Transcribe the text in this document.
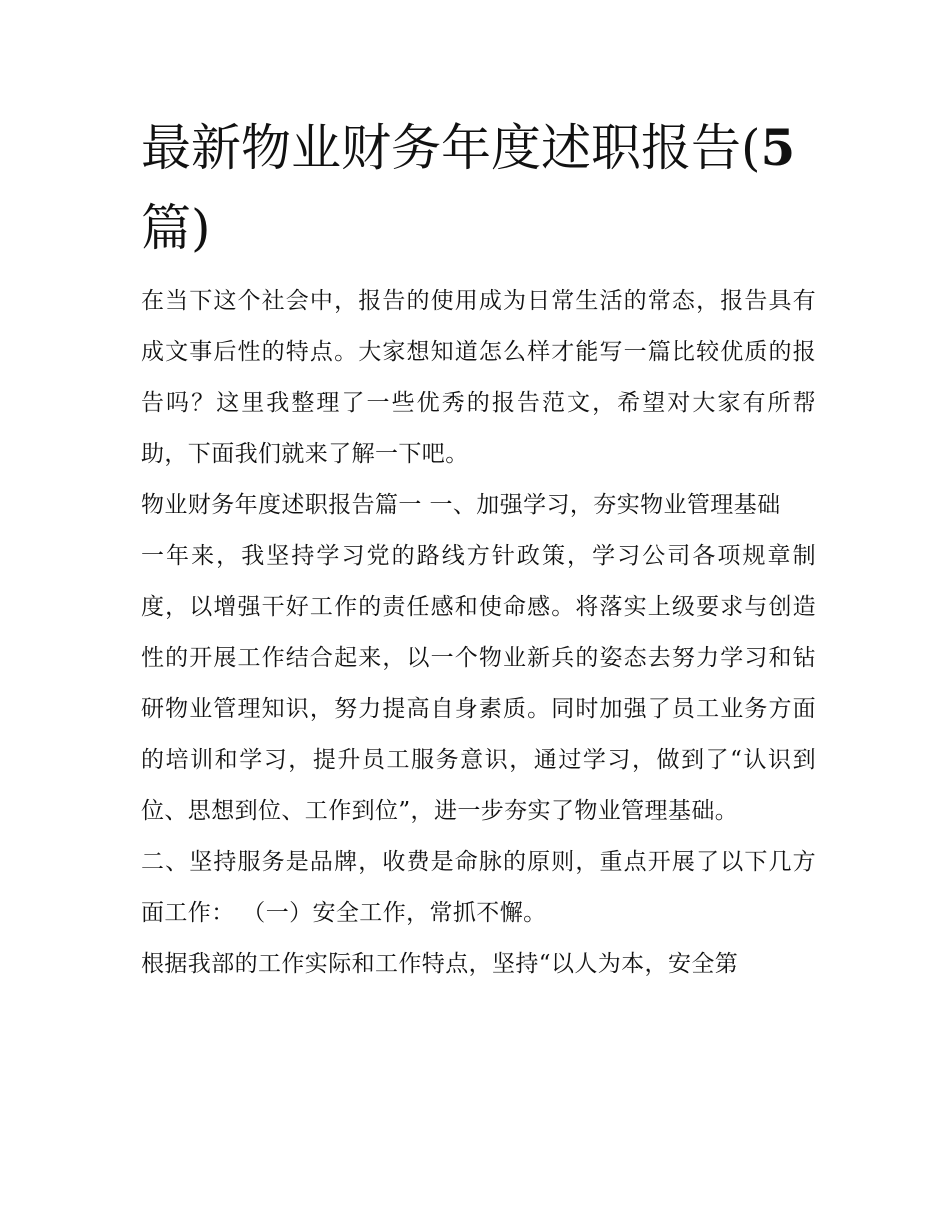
最新物业财务年度述职报告(5
篇)

在当下这个社会中，报告的使用成为日常生活的常态，报告具有成文事后性的特点。大家想知道怎么样才能写一篇比较优质的报告吗？这里我整理了一些优秀的报告范文，希望对大家有所帮助，下面我们就来了解一下吧。

物业财务年度述职报告篇一 一、加强学习，夯实物业管理基础

一年来，我坚持学习党的路线方针政策，学习公司各项规章制度，以增强干好工作的责任感和使命感。将落实上级要求与创造性的开展工作结合起来，以一个物业新兵的姿态去努力学习和钻研物业管理知识，努力提高自身素质。同时加强了员工业务方面的培训和学习，提升员工服务意识，通过学习，做到了“认识到位、思想到位、工作到位”，进一步夯实了物业管理基础。

二、坚持服务是品牌，收费是命脉的原则，重点开展了以下几方面工作： （一）安全工作，常抓不懈。

根据我部的工作实际和工作特点，坚持“以人为本，安全第
